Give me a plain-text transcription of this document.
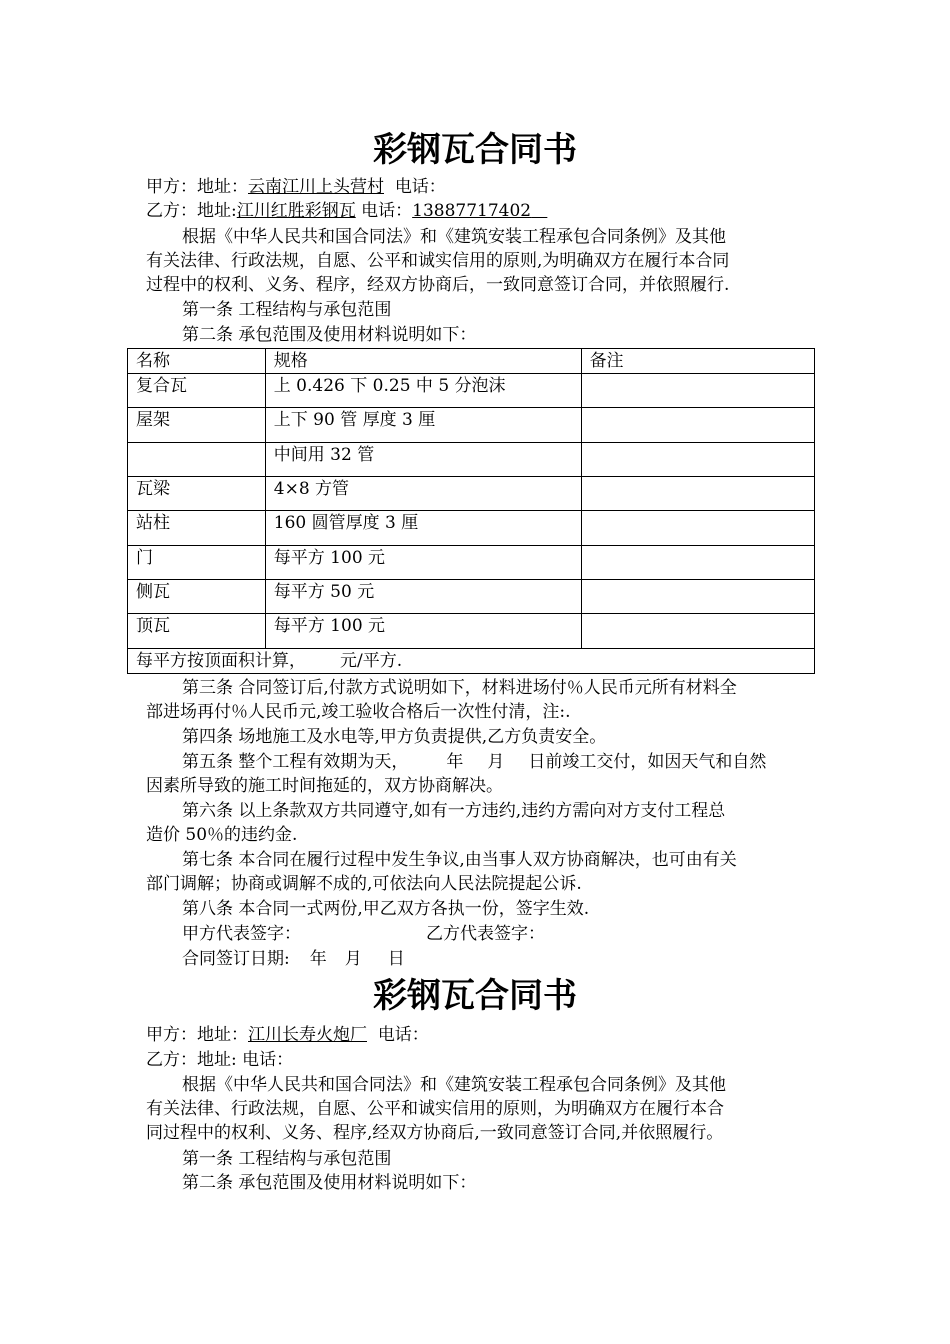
彩钢瓦合同书
甲方：地址：云南江川上头营村 电话：
乙方：地址:江川红胜彩钢瓦 电话：13887717402
根据《中华人民共和国合同法》和《建筑安装工程承包合同条例》及其他
有关法律、行政法规，自愿、公平和诚实信用的原则,为明确双方在履行本合同
过程中的权利、义务、程序，经双方协商后，一致同意签订合同，并依照履行.
第一条 工程结构与承包范围
第二条 承包范围及使用材料说明如下：
名称	规格	备注
复合瓦	上 0.426 下 0.25 中 5 分泡沫	
屋架	上下 90 管 厚度 3 厘	
	中间用 32 管	
瓦梁	4×8 方管	
站柱	160 圆管厚度 3 厘	
门	每平方 100 元	
侧瓦	每平方 50 元	
顶瓦	每平方 100 元	
每平方按顶面积计算， 元/平方.		
第三条 合同签订后,付款方式说明如下，材料进场付％人民币元所有材料全
部进场再付％人民币元,竣工验收合格后一次性付清，注:.
第四条 场地施工及水电等,甲方负责提供,乙方负责安全。
第五条 整个工程有效期为天， 年 月 日前竣工交付，如因天气和自然
因素所导致的施工时间拖延的，双方协商解决。
第六条 以上条款双方共同遵守,如有一方违约,违约方需向对方支付工程总
造价 50％的违约金.
第七条 本合同在履行过程中发生争议,由当事人双方协商解决，也可由有关
部门调解；协商或调解不成的,可依法向人民法院提起公诉.
第八条 本合同一式两份,甲乙双方各执一份，签字生效.
甲方代表签字：	乙方代表签字：
合同签订日期: 年 月 日
彩钢瓦合同书
甲方：地址：江川长寿火炮厂 电话：
乙方：地址: 电话：
根据《中华人民共和国合同法》和《建筑安装工程承包合同条例》及其他
有关法律、行政法规，自愿、公平和诚实信用的原则，为明确双方在履行本合
同过程中的权利、义务、程序,经双方协商后,一致同意签订合同,并依照履行。
第一条 工程结构与承包范围
第二条 承包范围及使用材料说明如下：
